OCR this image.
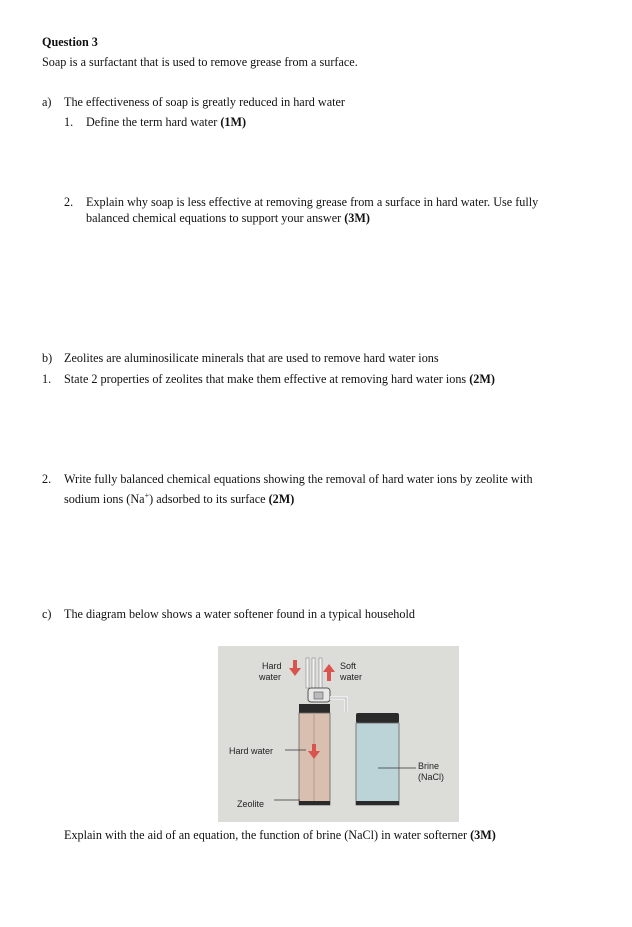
Question 3
Soap is a surfactant that is used to remove grease from a surface.
a) The effectiveness of soap is greatly reduced in hard water
1. Define the term hard water (1M)
2. Explain why soap is less effective at removing grease from a surface in hard water. Use fully
balanced chemical equations to support your answer (3M)
b) Zeolites are aluminosilicate minerals that are used to remove hard water ions
1. State 2 properties of zeolites that make them effective at removing hard water ions (2M)
2. Write fully balanced chemical equations showing the removal of hard water ions by zeolite with
sodium ions (Na+) adsorbed to its surface (2M)
c) The diagram below shows a water softener found in a typical household
Hard
water
Soft
water
Hard water
Zeolite
Brine
(NaCl)
Explain with the aid of an equation, the function of brine (NaCl) in water softerner (3M)
